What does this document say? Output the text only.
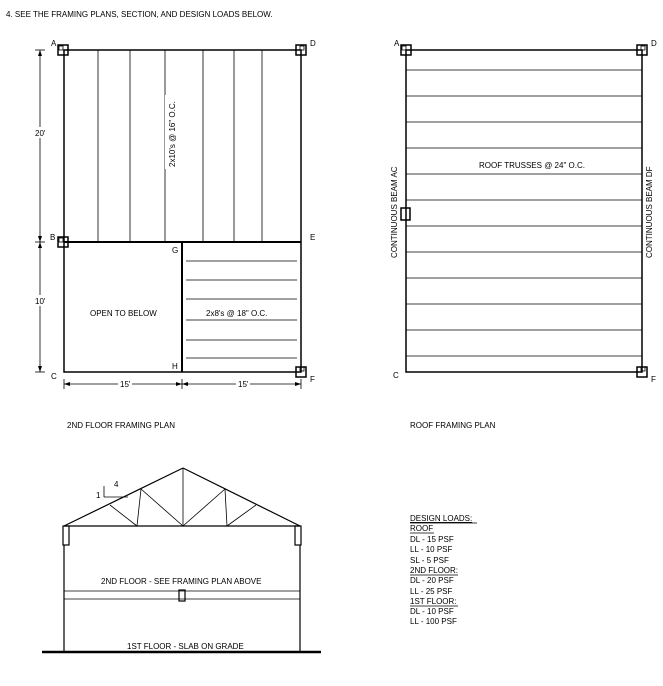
4. SEE THE FRAMING PLANS, SECTION, AND DESIGN LOADS BELOW.
A	D
B	E
C	F
G
H
20'
10'
15'	15'
2x10's @ 16" O.C.
2x8's @ 18" O.C.
OPEN TO BELOW
2ND FLOOR FRAMING PLAN
A	D
C	F
ROOF TRUSSES @ 24" O.C.
CONTINUOUS BEAM AC	CONTINUOUS BEAM DF
ROOF FRAMING PLAN
1
4
2ND FLOOR - SEE FRAMING PLAN ABOVE
1ST FLOOR - SLAB ON GRADE
DESIGN LOADS:
ROOF
DL - 15 PSF
LL - 10 PSF
SL - 5 PSF
2ND FLOOR:
DL - 20 PSF
LL - 25 PSF
1ST FLOOR:
DL - 10 PSF
LL - 100 PSF
